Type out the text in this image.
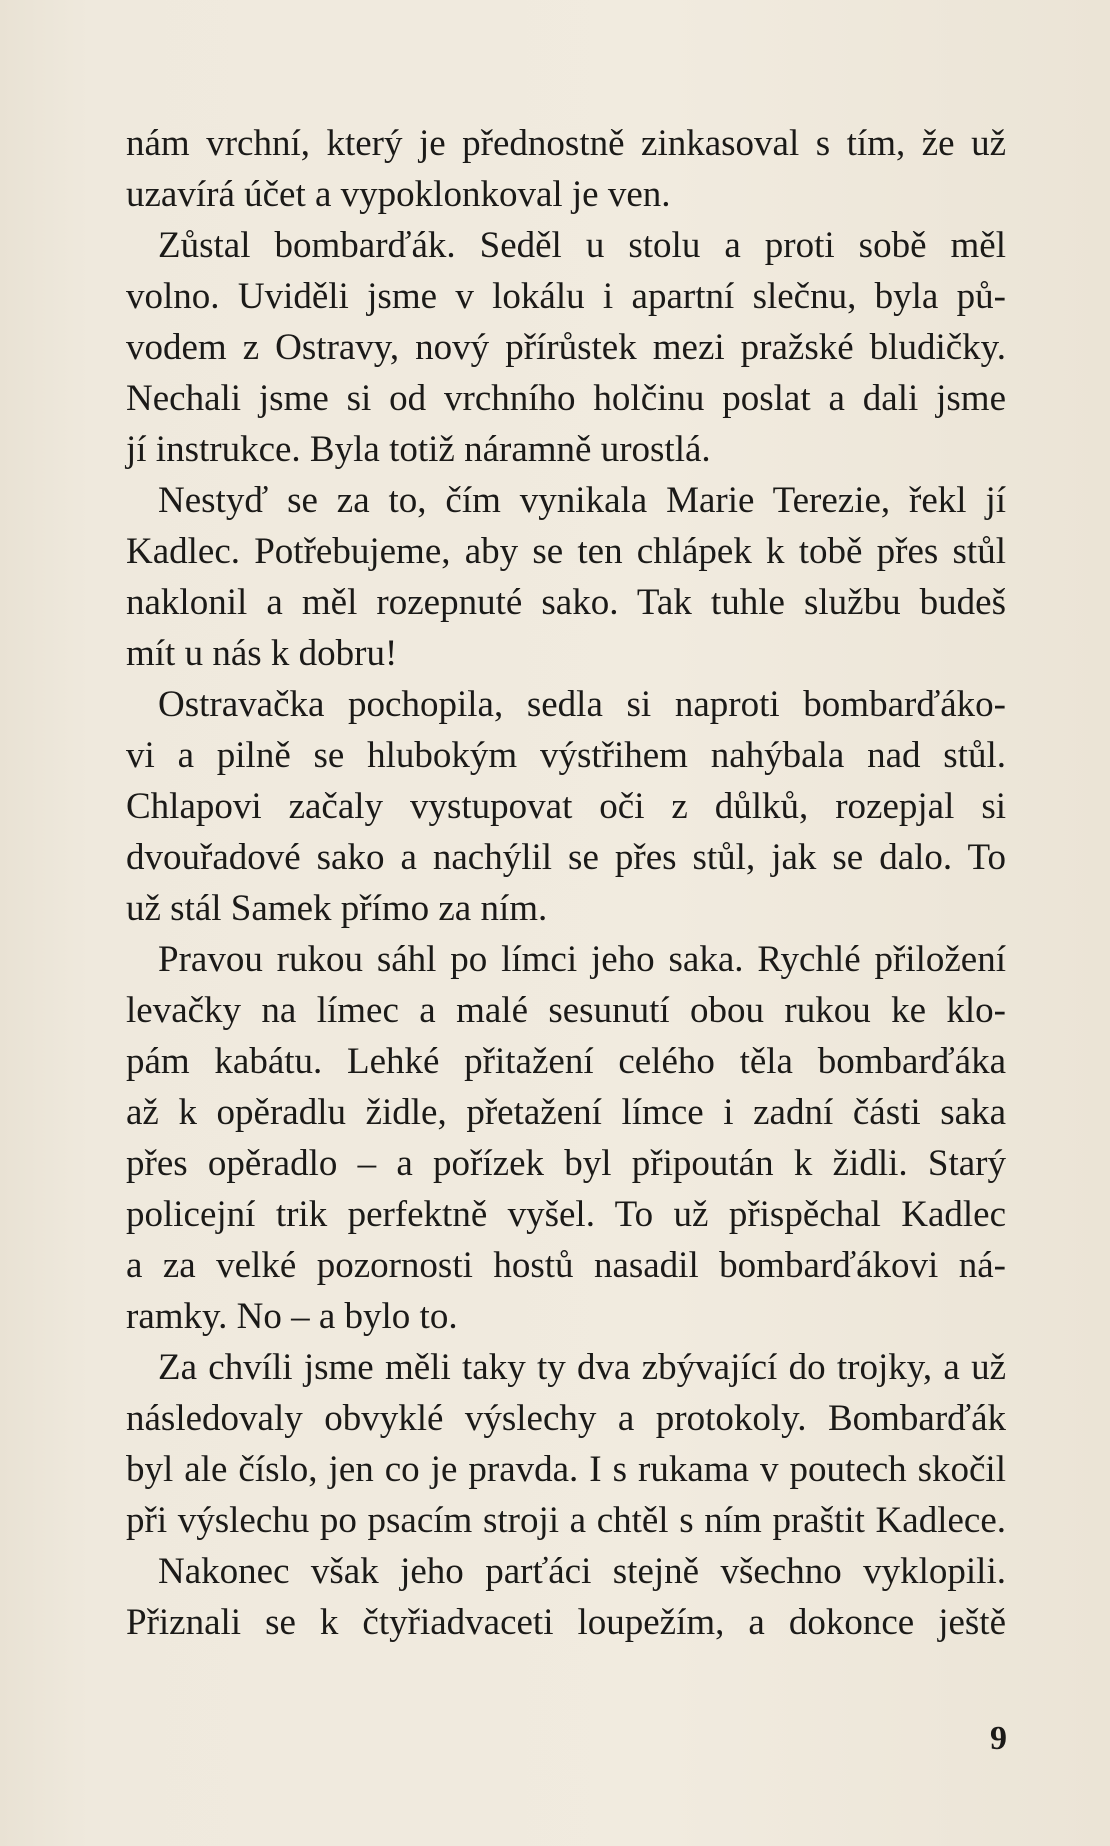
nám vrchní, který je přednostně zinkasoval s tím, že už
uzavírá účet a vypoklonkoval je ven.
Zůstal bombarďák. Seděl u stolu a proti sobě měl
volno. Uviděli jsme v lokálu i apartní slečnu, byla pů-
vodem z Ostravy, nový přírůstek mezi pražské bludičky.
Nechali jsme si od vrchního holčinu poslat a dali jsme
jí instrukce. Byla totiž náramně urostlá.
Nestyď se za to, čím vynikala Marie Terezie, řekl jí
Kadlec. Potřebujeme, aby se ten chlápek k tobě přes stůl
naklonil a měl rozepnuté sako. Tak tuhle službu budeš
mít u nás k dobru!
Ostravačka pochopila, sedla si naproti bombarďáko-
vi a pilně se hlubokým výstřihem nahýbala nad stůl.
Chlapovi začaly vystupovat oči z důlků, rozepjal si
dvouřadové sako a nachýlil se přes stůl, jak se dalo. To
už stál Samek přímo za ním.
Pravou rukou sáhl po límci jeho saka. Rychlé přiložení
levačky na límec a malé sesunutí obou rukou ke klo-
pám kabátu. Lehké přitažení celého těla bombarďáka
až k opěradlu židle, přetažení límce i zadní části saka
přes opěradlo – a pořízek byl připoután k židli. Starý
policejní trik perfektně vyšel. To už přispěchal Kadlec
a za velké pozornosti hostů nasadil bombarďákovi ná-
ramky. No – a bylo to.
Za chvíli jsme měli taky ty dva zbývající do trojky, a už
následovaly obvyklé výslechy a protokoly. Bombarďák
byl ale číslo, jen co je pravda. I s rukama v poutech skočil
při výslechu po psacím stroji a chtěl s ním praštit Kadlece.
Nakonec však jeho parťáci stejně všechno vyklopili.
Přiznali se k čtyřiadvaceti loupežím, a dokonce ještě
9
